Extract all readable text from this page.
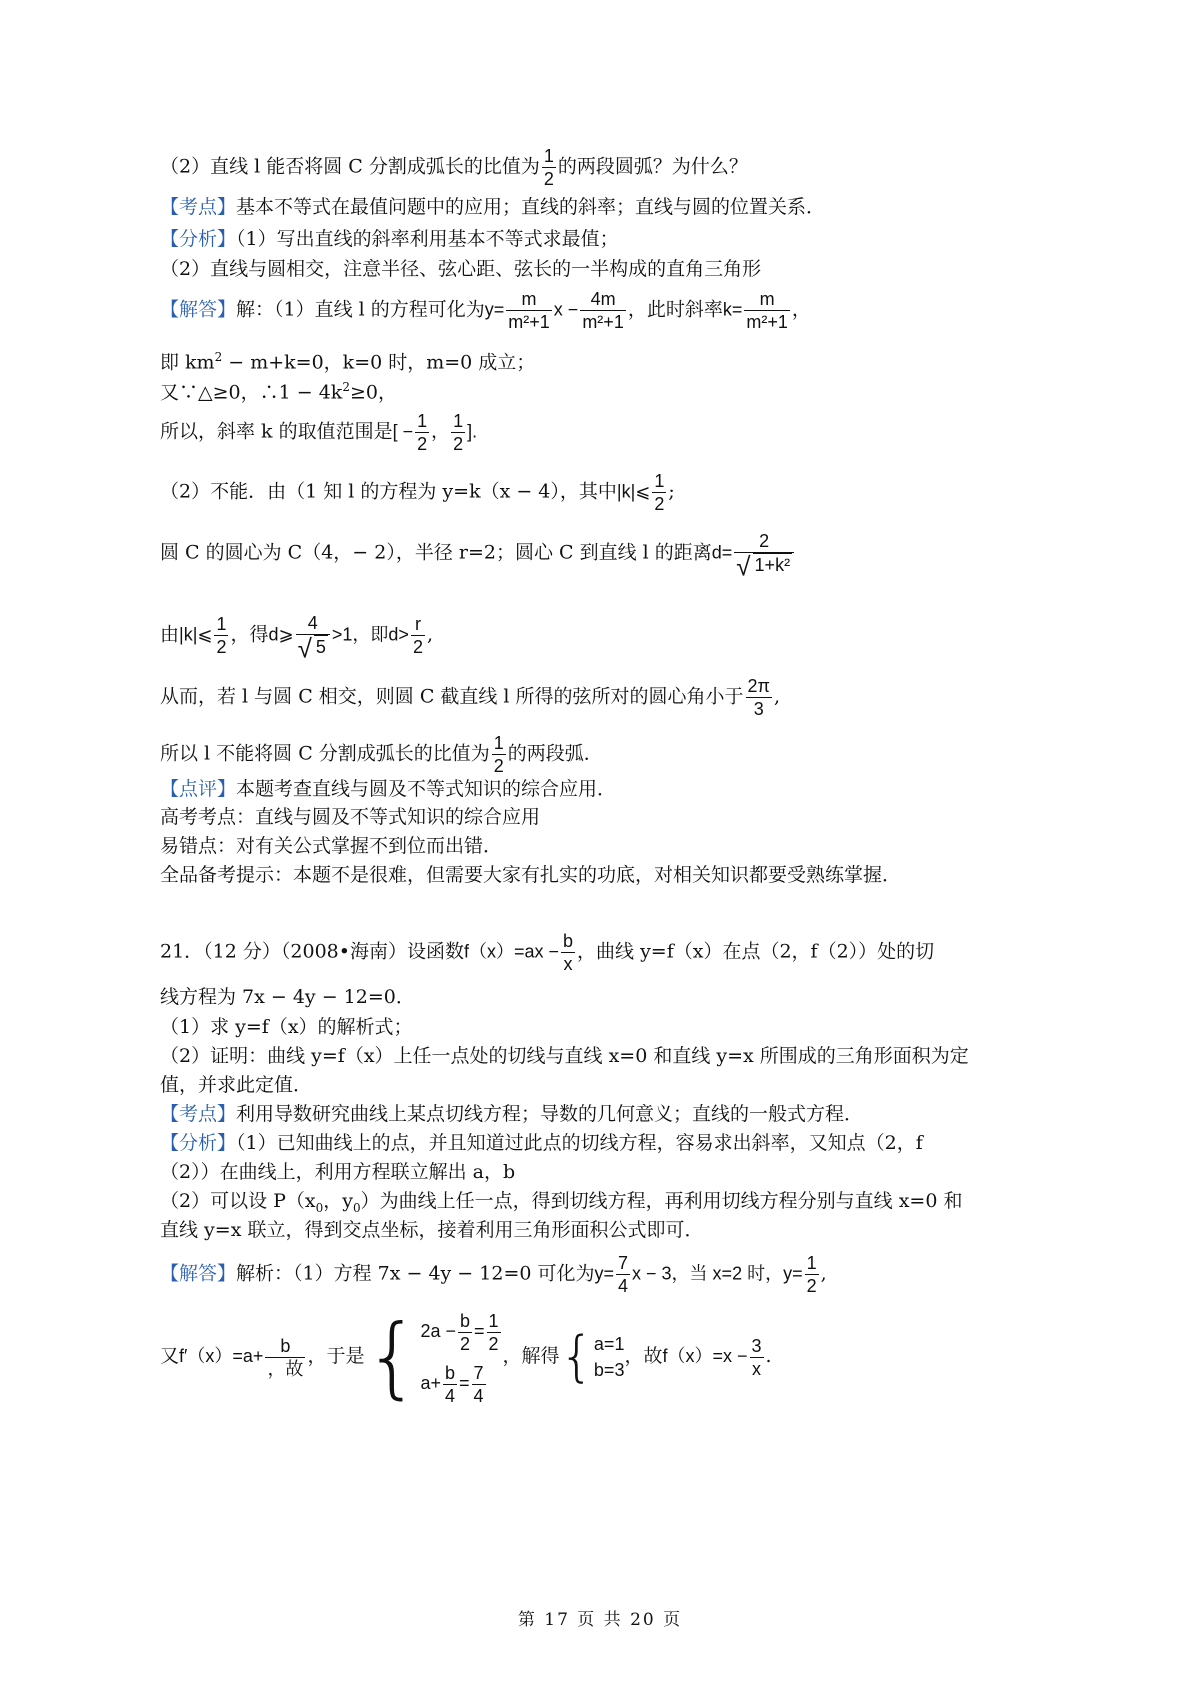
（2）直线 l 能否将圆 C 分割成弧长的比值为 $\frac{1}{2}$ 的两段圆弧？为什么？
【考点】基本不等式在最值问题中的应用；直线的斜率；直线与圆的位置关系．
【分析】（1）写出直线的斜率利用基本不等式求最值；
（2）直线与圆相交，注意半径、弦心距、弦长的一半构成的直角三角形
【解答】解：（1）直线 l 的方程可化为$y= \frac{m}{\text{m²+1}}$ $x - \frac{4m}{\text{m²+1}}$ ，此时斜率$k= \frac{m}{\text{m²+1}}$ ，
即 $km^2 - m+k=0$，k=0 时，m=0 成立；
又∵△≥0，∴1 − $4k^2\ge 0$，
所以，斜率 k 的取值范围是[ − $\frac{1}{2}$ ， $\frac{1}{2}$ ].
（2）不能．由（1 知 l 的方程为 y=k（x − 4），其中|k|⩽ $\frac{1}{2}$ ;
圆 C 的圆心为 C（4，− 2），半径 r=2；圆心 C 到直线 l 的距离$d= \frac{2}{\text{√ 1+k²}}$
由|k|⩽ $\frac{1}{2}$ ，得d⩾ $\frac{4}{√ 5} >1$，即$d> \frac{r}{2}$ ,
从而，若 l 与圆 C 相交，则圆 C 截直线 l 所得的弦所对的圆心角小于 $\frac{2\pi}{3}$ ,
所以 l 不能将圆 C 分割成弧长的比值为 $\frac{1}{2}$ 的两段弧．
【点评】本题考查直线与圆及不等式知识的综合应用．
高考考点：直线与圆及不等式知识的综合应用
易错点：对有关公式掌握不到位而出错．
全品备考提示：本题不是很难，但需要大家有扎实的功底，对相关知识都要受熟练掌握．
21．（12 分）（2008•海南）设函数$f(x)=ax - \frac{b}{x}$ ，曲线 y=f（x）在点（2，f（2））处的切
线方程为 7x − 4y − 12=0．
（1）求 y=f（x）的解析式；
（2）证明：曲线 y=f（x）上任一点处的切线与直线 x=0 和直线 y=x 所围成的三角形面积为定
值，并求此定值．
【考点】利用导数研究曲线上某点切线方程；导数的几何意义；直线的一般式方程．
【分析】（1）已知曲线上的点，并且知道过此点的切线方程，容易求出斜率，又知点（2，f
（2））在曲线上，利用方程联立解出 a，b
（2）可以设 $P(x_0$，$y_0$）为曲线上任一点，得到切线方程，再利用切线方程分别与直线 x=0 和
直线 y=x 联立，得到交点坐标，接着利用三角形面积公式即可．
【解答】解析：（1）方程 7x − 4y − 12=0 可化为$y= \frac{7}{4}$ x − 3，当 x=2 时，$y= \frac{1}{2}$ ,
又$f'(x)=a+ \frac{b}{\text{，故}}$ ，于是{ $2a - \frac{b}{2} = \frac{1}{2}$
$a+ \frac{b}{4} = \frac{7}{4}$
，解得{ a=1
b=3
，故$f(x)=x - \frac{3}{x}$ .
第 17 页 共 20 页
